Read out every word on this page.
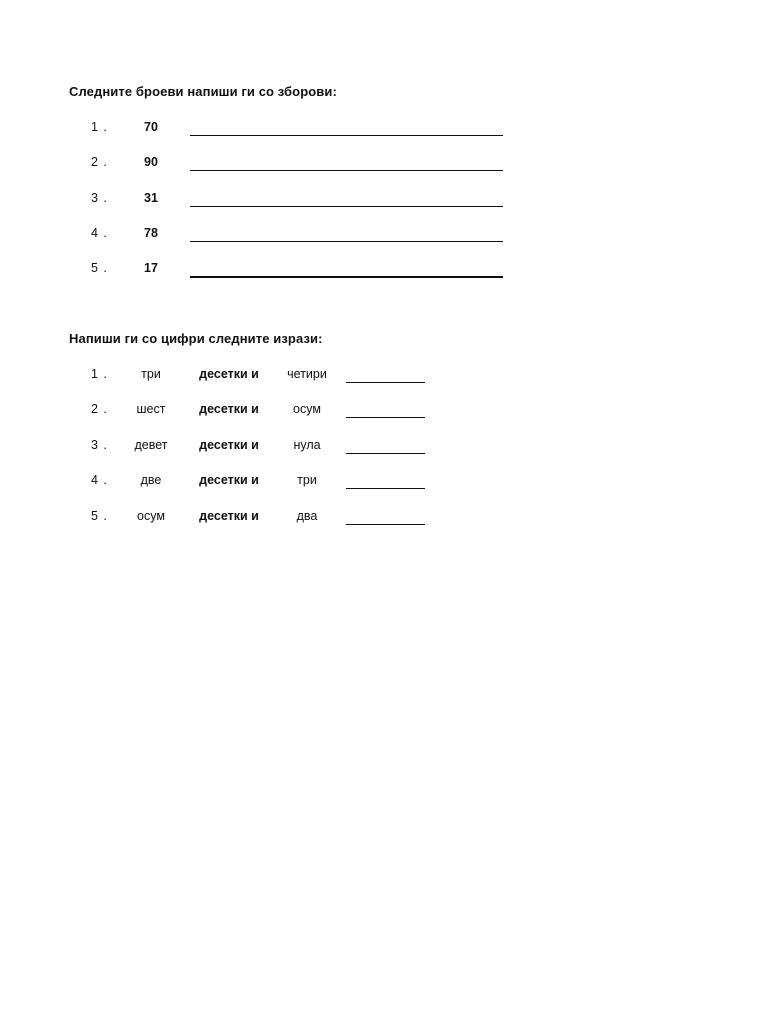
Следните броеви напиши ги со зборови:
1 .	70
2 .	90
3 .	31
4 .	78
5 .	17
Напиши ги со цифри следните изрази:
1 .	три	десетки и	четири
2 .	шест	десетки и	осум
3 .	девет	десетки и	нула
4 .	две	десетки и	три
5 .	осум	десетки и	два
